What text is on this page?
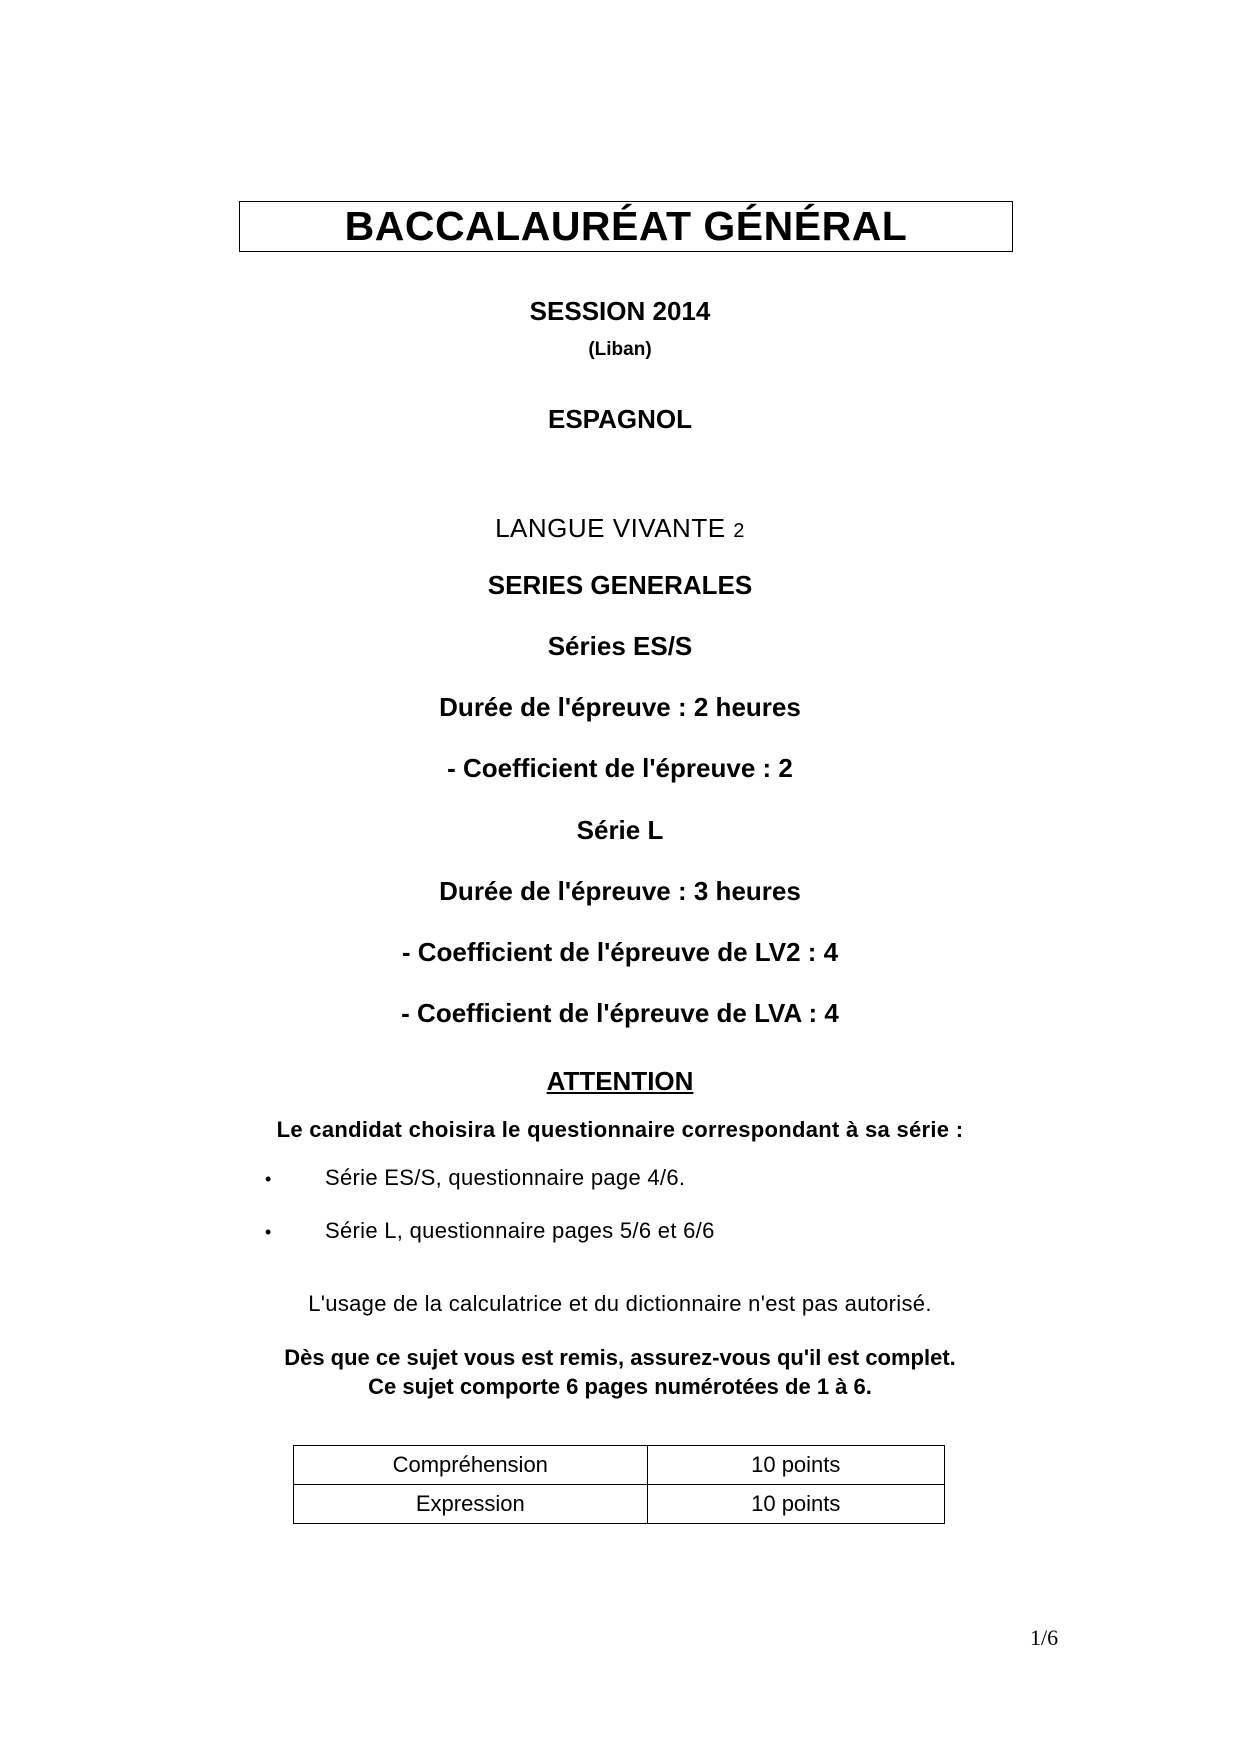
BACCALAURÉAT GÉNÉRAL
SESSION 2014
(Liban)
ESPAGNOL
LANGUE VIVANTE 2
SERIES GENERALES
Séries ES/S
Durée de l'épreuve : 2 heures
- Coefficient de l'épreuve : 2
Série L
Durée de l'épreuve : 3 heures
- Coefficient de l'épreuve de LV2 : 4
- Coefficient de l'épreuve de LVA : 4
ATTENTION
Le candidat choisira le questionnaire correspondant à sa série :
• Série ES/S, questionnaire page 4/6.
• Série L, questionnaire pages 5/6 et 6/6
L'usage de la calculatrice et du dictionnaire n'est pas autorisé.
Dès que ce sujet vous est remis, assurez-vous qu'il est complet.
Ce sujet comporte 6 pages numérotées de 1 à 6.
Compréhension	10 points
Expression	10 points
1/6
